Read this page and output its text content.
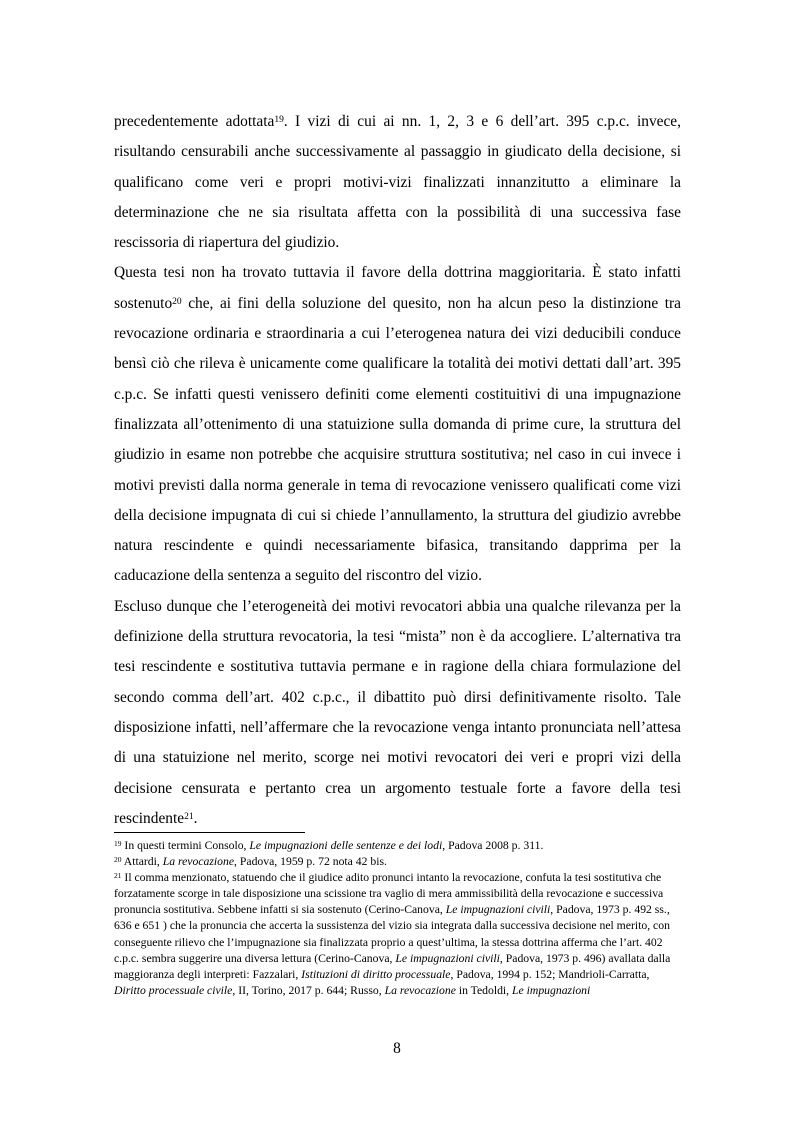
precedentemente adottata$^{19}$. I vizi di cui ai nn. 1, 2, 3 e 6 dell’art. 395 c.p.c. invece, risultando censurabili anche successivamente al passaggio in giudicato della decisione, si qualificano come veri e propri motivi-vizi finalizzati innanzitutto a eliminare la determinazione che ne sia risultata affetta con la possibilità di una successiva fase rescissoria di riapertura del giudizio.

Questa tesi non ha trovato tuttavia il favore della dottrina maggioritaria. È stato infatti sostenuto$^{20}$ che, ai fini della soluzione del quesito, non ha alcun peso la distinzione tra revocazione ordinaria e straordinaria a cui l’eterogenea natura dei vizi deducibili conduce bensì ciò che rileva è unicamente come qualificare la totalità dei motivi dettati dall’art. 395 c.p.c. Se infatti questi venissero definiti come elementi costituitivi di una impugnazione finalizzata all’ottenimento di una statuizione sulla domanda di prime cure, la struttura del giudizio in esame non potrebbe che acquisire struttura sostitutiva; nel caso in cui invece i motivi previsti dalla norma generale in tema di revocazione venissero qualificati come vizi della decisione impugnata di cui si chiede l’annullamento, la struttura del giudizio avrebbe natura rescindente e quindi necessariamente bifasica, transitando dapprima per la caducazione della sentenza a seguito del riscontro del vizio.

Escluso dunque che l’eterogeneità dei motivi revocatori abbia una qualche rilevanza per la definizione della struttura revocatoria, la tesi “mista” non è da accogliere. L’alternativa tra tesi rescindente e sostitutiva tuttavia permane e in ragione della chiara formulazione del secondo comma dell’art. 402 c.p.c., il dibattito può dirsi definitivamente risolto. Tale disposizione infatti, nell’affermare che la revocazione venga intanto pronunciata nell’attesa di una statuizione nel merito, scorge nei motivi revocatori dei veri e propri vizi della decisione censurata e pertanto crea un argomento testuale forte a favore della tesi rescindente$^{21}$.

$^{19}$ In questi termini Consolo, Le impugnazioni delle sentenze e dei lodi, Padova 2008 p. 311.

$^{20}$ Attardi, La revocazione, Padova, 1959 p. 72 nota 42 bis.

$^{21}$ Il comma menzionato, statuendo che il giudice adito pronunci intanto la revocazione, confuta la tesi sostitutiva che forzatamente scorge in tale disposizione una scissione tra vaglio di mera ammissibilità della revocazione e successiva pronuncia sostitutiva. Sebbene infatti si sia sostenuto (Cerino-Canova, Le impugnazioni civili, Padova, 1973 p. 492 ss., 636 e 651 ) che la pronuncia che accerta la sussistenza del vizio sia integrata dalla successiva decisione nel merito, con conseguente rilievo che l’impugnazione sia finalizzata proprio a quest’ultima, la stessa dottrina afferma che l’art. 402 c.p.c. sembra suggerire una diversa lettura (Cerino-Canova, Le impugnazioni civili, Padova, 1973 p. 496) avallata dalla maggioranza degli interpreti: Fazzalari, Istituzioni di diritto processuale, Padova, 1994 p. 152; Mandrioli-Carratta, Diritto processuale civile, II, Torino, 2017 p. 644; Russo, La revocazione in Tedoldi, Le impugnazioni

8
